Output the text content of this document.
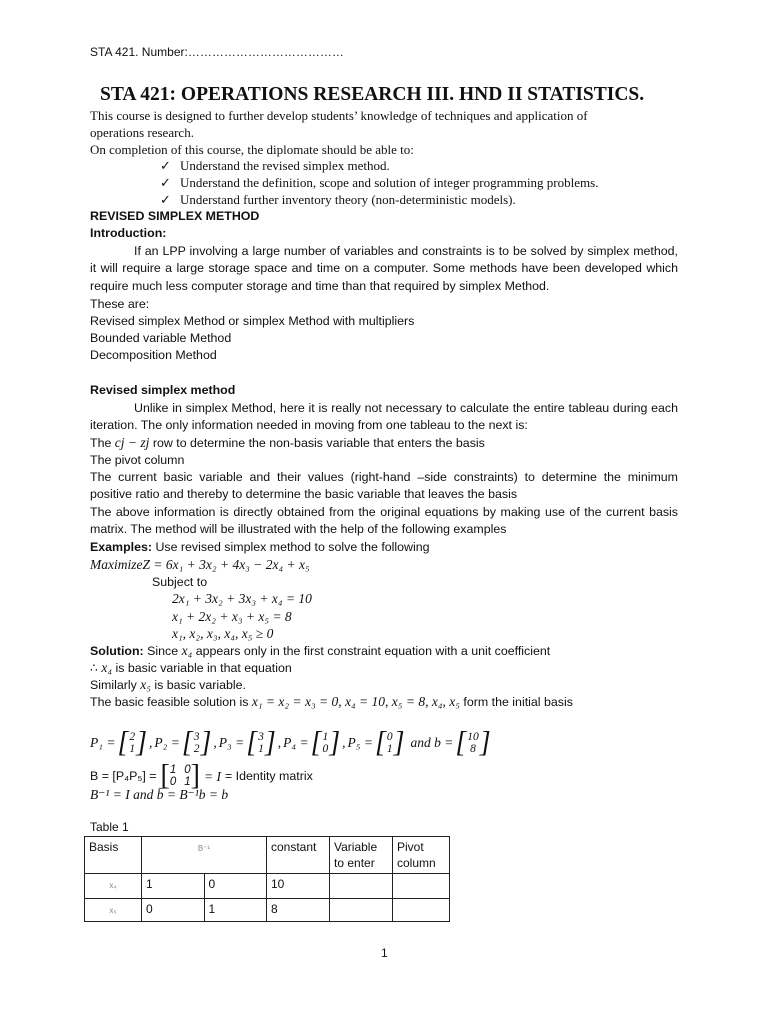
STA 421. Number:…………………………………
STA 421: OPERATIONS RESEARCH III. HND II STATISTICS.
This course is designed to further develop students’ knowledge of techniques and application of
operations research.
On completion of this course, the diplomate should be able to:
✓ Understand the revised simplex method.
✓ Understand the definition, scope and solution of integer programming problems.
✓ Understand further inventory theory (non-deterministic models).
REVISED SIMPLEX METHOD
Introduction:
If an LPP involving a large number of variables and constraints is to be solved by simplex method, it will require a large storage space and time on a computer. Some methods have been developed which require much less computer storage and time than that required by simplex Method.
These are:
Revised simplex Method or simplex Method with multipliers
Bounded variable Method
Decomposition Method
Revised simplex method
Unlike in simplex Method, here it is really not necessary to calculate the entire tableau during each iteration. The only information needed in moving from one tableau to the next is:
The cj − zj row to determine the non-basis variable that enters the basis
The pivot column
The current basic variable and their values (right-hand –side constraints) to determine the minimum positive ratio and thereby to determine the basic variable that leaves the basis
The above information is directly obtained from the original equations by making use of the current basis matrix. The method will be illustrated with the help of the following examples
Examples: Use revised simplex method to solve the following
MaximizeZ = 6x₁ + 3x₂ + 4x₃ − 2x₄ + x₅
Subject to
2x₁ + 3x₂ + 3x₃ + x₄ = 10
x₁ + 2x₂ + x₃ + x₅ = 8
x₁, x₂, x₃, x₄, x₅ ≥ 0
Solution: Since x₄ appears only in the first constraint equation with a unit coefficient
∴ x₄ is basic variable in that equation
Similarly x₅ is basic variable.
The basic feasible solution is x₁ = x₂ = x₃ = 0, x₄ = 10, x₅ = 8, x₄, x₅ form the initial basis
P₁ = [ 2
1 ] , P₂ = [ 3
2 ] , P₃ = [ 3
1 ] , P₄ = [ 1
0 ] , P₅ = [ 0
1 ] and b = [ 10
8 ]
B = [P₄P₅] = [ 1 0
0 1 ] = I = Identity matrix
B⁻¹ = I and b̄ = B⁻¹b = b
Table 1
Basis	B⁻¹		constant	Variable
to enter	Pivot
column
x₄	1	0	10		
x₅	0	1	8		
1
